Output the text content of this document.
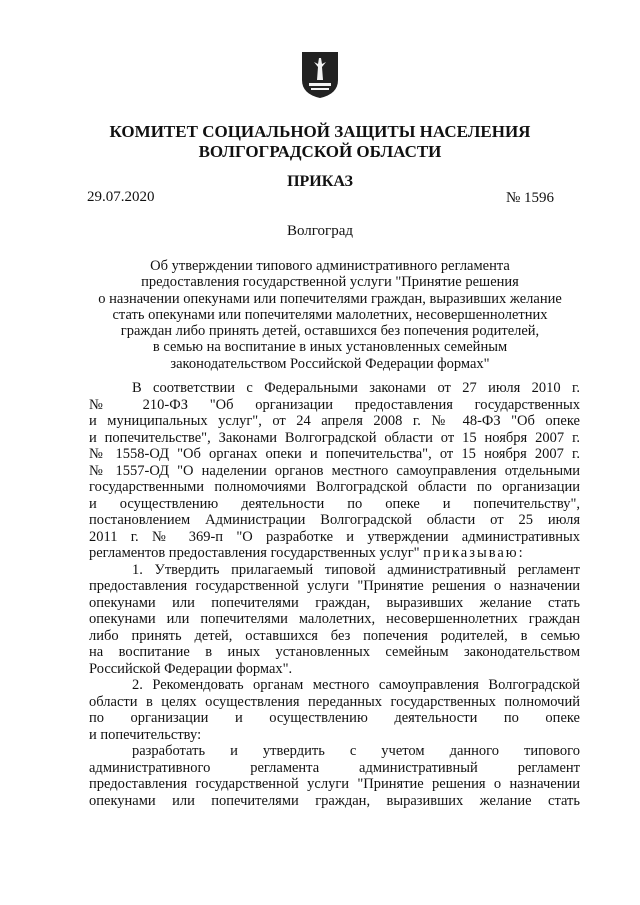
КОМИТЕТ СОЦИАЛЬНОЙ ЗАЩИТЫ НАСЕЛЕНИЯ
ВОЛГОГРАДСКОЙ ОБЛАСТИ
ПРИКАЗ
29.07.2020	№ 1596
Волгоград
Об утверждении типового административного регламента
предоставления государственной услуги "Принятие решения
о назначении опекунами или попечителями граждан, выразивших желание
стать опекунами или попечителями малолетних, несовершеннолетних
граждан либо принять детей, оставшихся без попечения родителей,
в семью на воспитание в иных установленных семейным
законодательством Российской Федерации формах"
В соответствии с Федеральными законами от 27 июля 2010 г.
№ 210-ФЗ "Об организации предоставления государственных
и муниципальных услуг", от 24 апреля 2008 г. № 48-ФЗ "Об опеке
и попечительстве", Законами Волгоградской области от 15 ноября 2007 г.
№ 1558-ОД "Об органах опеки и попечительства", от 15 ноября 2007 г.
№ 1557-ОД "О наделении органов местного самоуправления отдельными
государственными полномочиями Волгоградской области по организации
и осуществлению деятельности по опеке и попечительству",
постановлением Администрации Волгоградской области от 25 июля
2011 г. № 369-п "О разработке и утверждении административных
регламентов предоставления государственных услуг" приказываю:
1. Утвердить прилагаемый типовой административный регламент
предоставления государственной услуги "Принятие решения о назначении
опекунами или попечителями граждан, выразивших желание стать
опекунами или попечителями малолетних, несовершеннолетних граждан
либо принять детей, оставшихся без попечения родителей, в семью
на воспитание в иных установленных семейным законодательством
Российской Федерации формах".
2. Рекомендовать органам местного самоуправления Волгоградской
области в целях осуществления переданных государственных полномочий
по организации и осуществлению деятельности по опеке
и попечительству:
разработать и утвердить с учетом данного типового
административного регламента административный регламент
предоставления государственной услуги "Принятие решения о назначении
опекунами или попечителями граждан, выразивших желание стать
